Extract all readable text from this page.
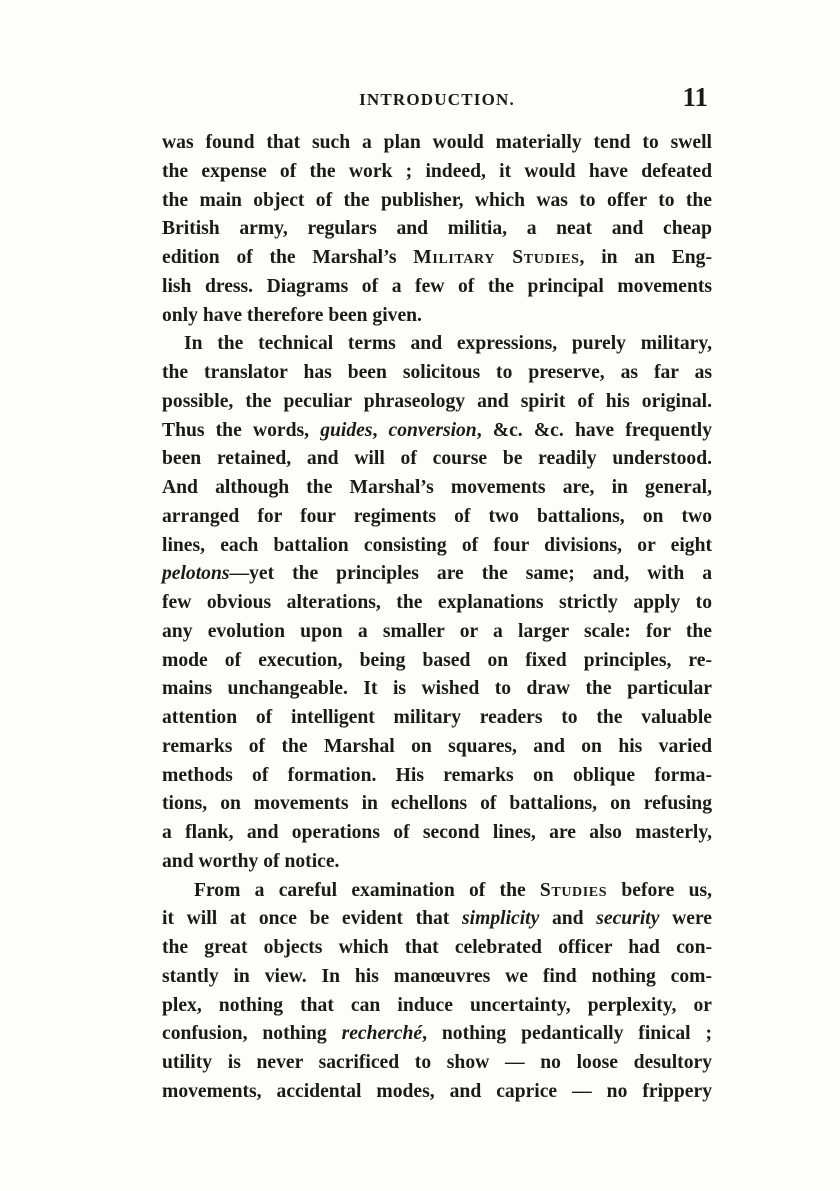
INTRODUCTION.	11
was found that such a plan would materially tend to swell
the expense of the work ; indeed, it would have defeated
the main object of the publisher, which was to offer to the
British army, regulars and militia, a neat and cheap
edition of the Marshal’s Military Studies, in an Eng-
lish dress. Diagrams of a few of the principal movements
only have therefore been given.
In the technical terms and expressions, purely military,
the translator has been solicitous to preserve, as far as
possible, the peculiar phraseology and spirit of his original.
Thus the words, guides, conversion, &c. &c. have frequently
been retained, and will of course be readily understood.
And although the Marshal’s movements are, in general,
arranged for four regiments of two battalions, on two
lines, each battalion consisting of four divisions, or eight
pelotons—yet the principles are the same; and, with a
few obvious alterations, the explanations strictly apply to
any evolution upon a smaller or a larger scale: for the
mode of execution, being based on fixed principles, re-
mains unchangeable. It is wished to draw the particular
attention of intelligent military readers to the valuable
remarks of the Marshal on squares, and on his varied
methods of formation. His remarks on oblique forma-
tions, on movements in echellons of battalions, on refusing
a flank, and operations of second lines, are also masterly,
and worthy of notice.
From a careful examination of the Studies before us,
it will at once be evident that simplicity and security were
the great objects which that celebrated officer had con-
stantly in view. In his manœuvres we find nothing com-
plex, nothing that can induce uncertainty, perplexity, or
confusion, nothing recherché, nothing pedantically finical ;
utility is never sacrificed to show — no loose desultory
movements, accidental modes, and caprice — no frippery
